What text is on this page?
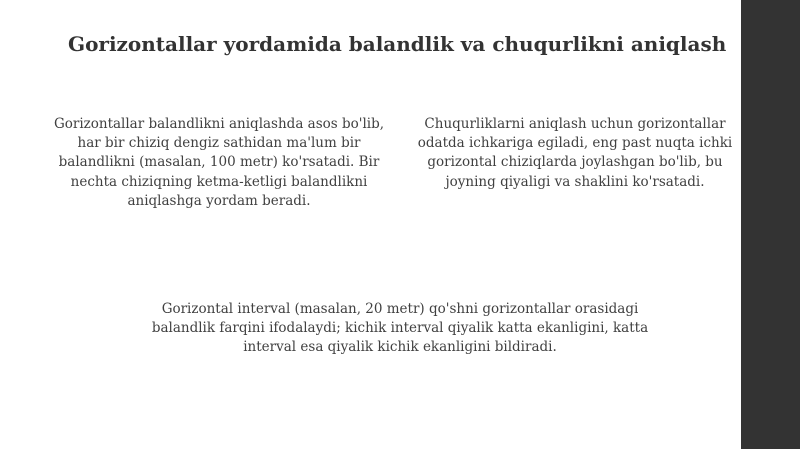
Gorizontallar yordamida balandlik va chuqurlikni aniqlash

Gorizontallar balandlikni aniqlashda asos bo'lib, har bir chiziq dengiz sathidan ma'lum bir balandlikni (masalan, 100 metr) ko'rsatadi. Bir nechta chiziqning ketma-ketligi balandlikni aniqlashga yordam beradi.

Chuqurliklarni aniqlash uchun gorizontallar odatda ichkariga egiladi, eng past nuqta ichki gorizontal chiziqlarda joylashgan bo'lib, bu joyning qiyaligi va shaklini ko'rsatadi.

Gorizontal interval (masalan, 20 metr) qo'shni gorizontallar orasidagi balandlik farqini ifodalaydi; kichik interval qiyalik katta ekanligini, katta interval esa qiyalik kichik ekanligini bildiradi.
